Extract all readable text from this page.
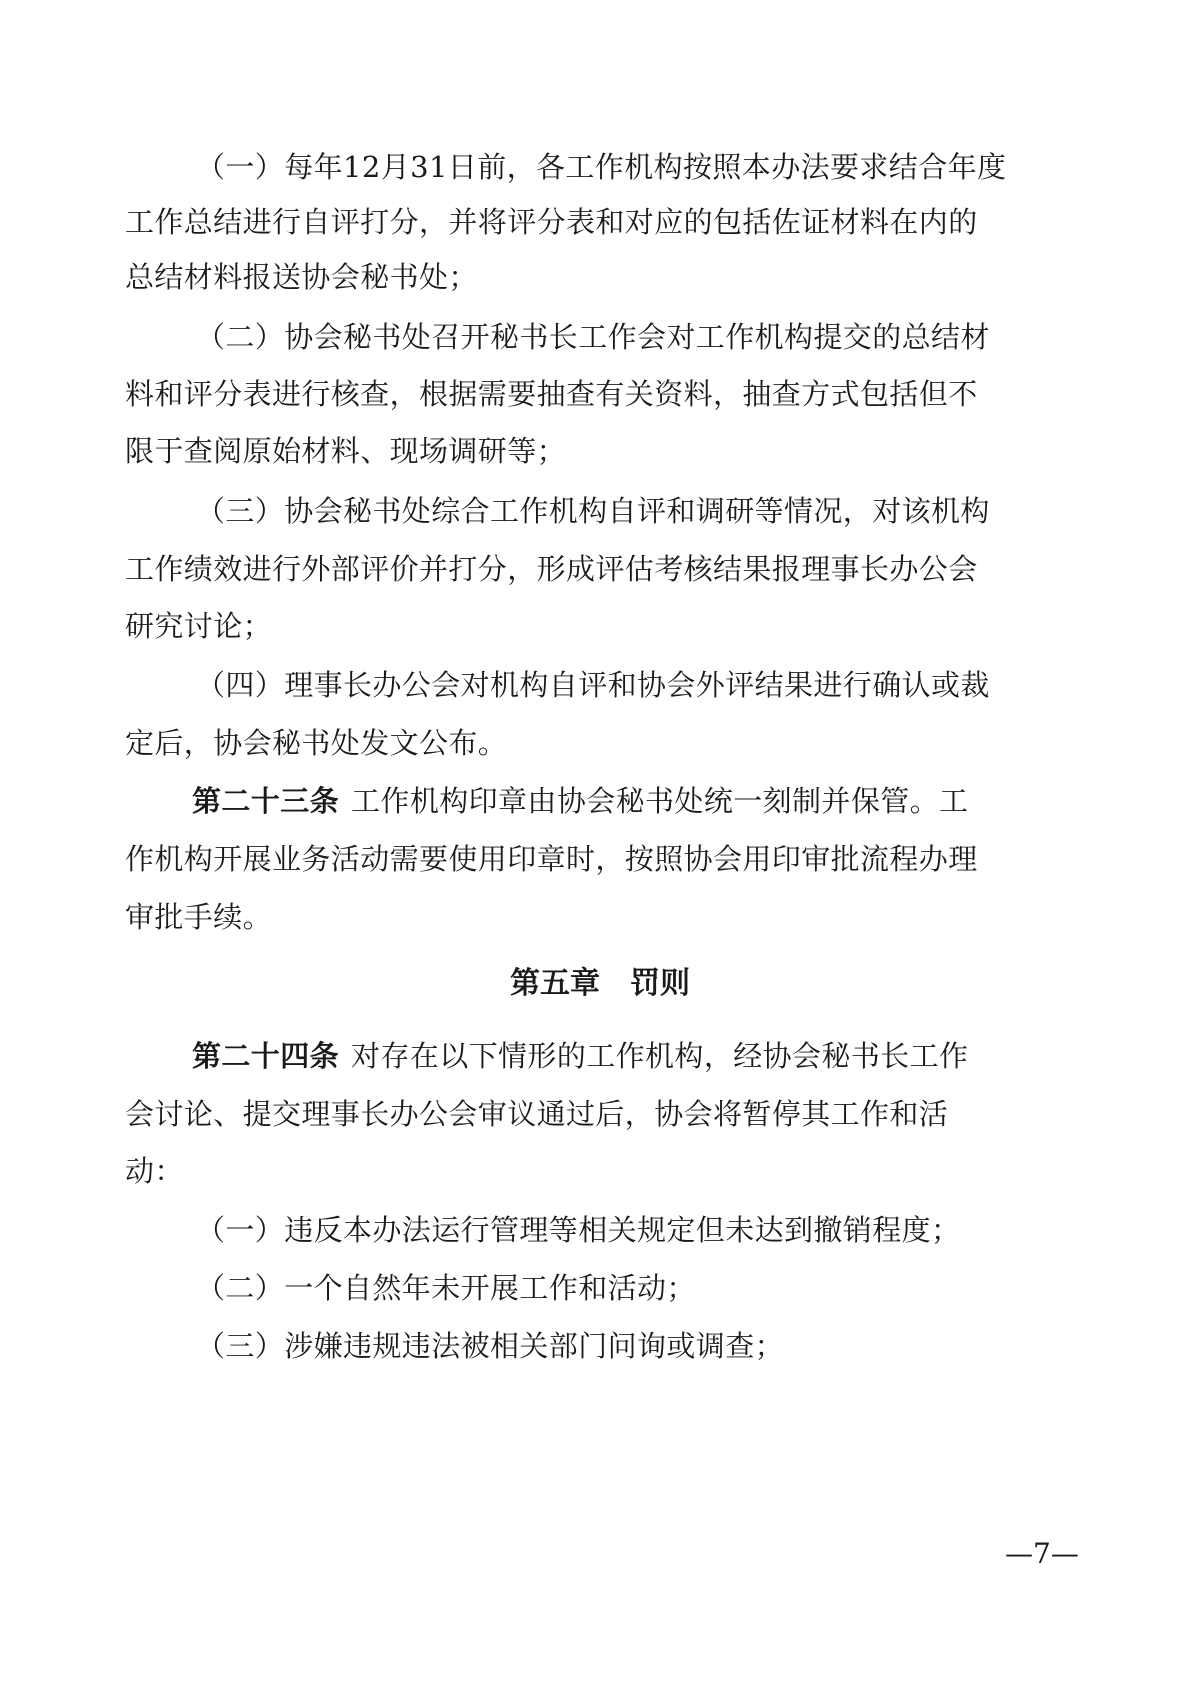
（一）每年12月31日前，各工作机构按照本办法要求结合年度
工作总结进行自评打分，并将评分表和对应的包括佐证材料在内的
总结材料报送协会秘书处；
（二）协会秘书处召开秘书长工作会对工作机构提交的总结材
料和评分表进行核查，根据需要抽查有关资料，抽查方式包括但不
限于查阅原始材料、现场调研等；
（三）协会秘书处综合工作机构自评和调研等情况，对该机构
工作绩效进行外部评价并打分，形成评估考核结果报理事长办公会
研究讨论；
（四）理事长办公会对机构自评和协会外评结果进行确认或裁
定后，协会秘书处发文公布。
第二十三条 工作机构印章由协会秘书处统一刻制并保管。工
作机构开展业务活动需要使用印章时，按照协会用印审批流程办理
审批手续。
第五章　罚则
第二十四条 对存在以下情形的工作机构，经协会秘书长工作
会讨论、提交理事长办公会审议通过后，协会将暂停其工作和活
动：
（一）违反本办法运行管理等相关规定但未达到撤销程度；
（二）一个自然年未开展工作和活动；
（三）涉嫌违规违法被相关部门问询或调查；
—7—
